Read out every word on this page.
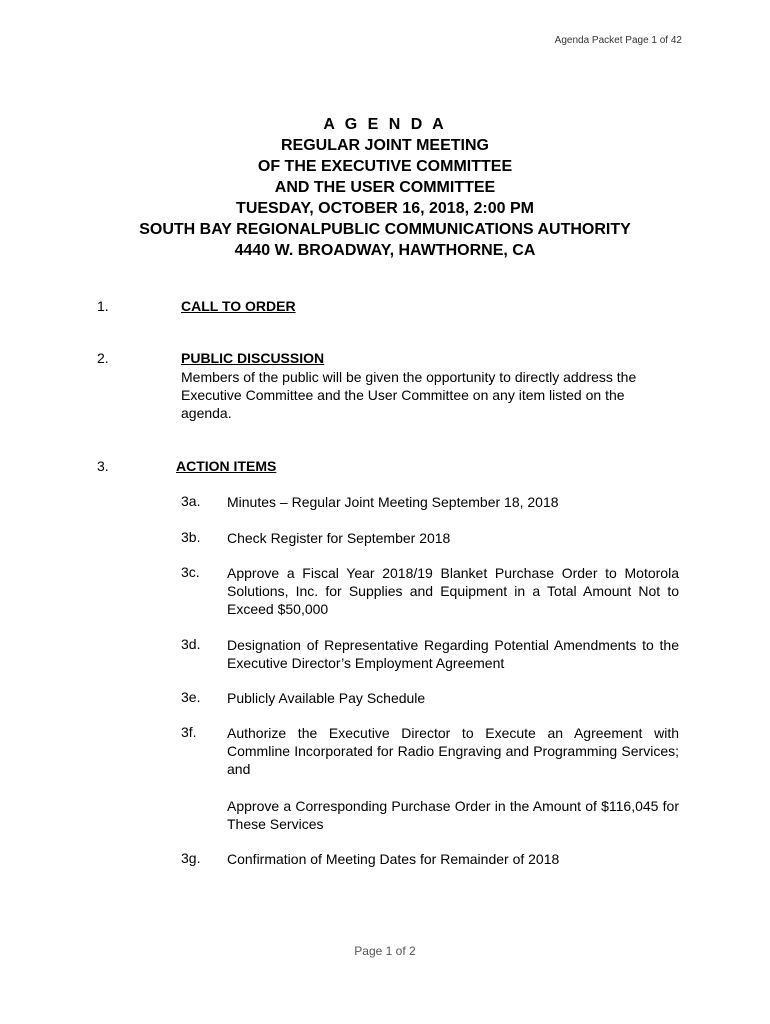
Agenda Packet Page 1 of 42
A G E N D A
REGULAR JOINT MEETING
OF THE EXECUTIVE COMMITTEE
AND THE USER COMMITTEE
TUESDAY, OCTOBER 16, 2018, 2:00 PM
SOUTH BAY REGIONALPUBLIC COMMUNICATIONS AUTHORITY
4440 W. BROADWAY, HAWTHORNE, CA
1.	CALL TO ORDER
2.	PUBLIC DISCUSSION
Members of the public will be given the opportunity to directly address the Executive Committee and the User Committee on any item listed on the agenda.
3.	ACTION ITEMS
3a. Minutes – Regular Joint Meeting September 18, 2018
3b. Check Register for September 2018
3c. Approve a Fiscal Year 2018/19 Blanket Purchase Order to Motorola Solutions, Inc. for Supplies and Equipment in a Total Amount Not to Exceed $50,000
3d. Designation of Representative Regarding Potential Amendments to the Executive Director’s Employment Agreement
3e. Publicly Available Pay Schedule
3f. Authorize the Executive Director to Execute an Agreement with Commline Incorporated for Radio Engraving and Programming Services; and
Approve a Corresponding Purchase Order in the Amount of $116,045 for These Services
3g. Confirmation of Meeting Dates for Remainder of 2018
Page 1 of 2
